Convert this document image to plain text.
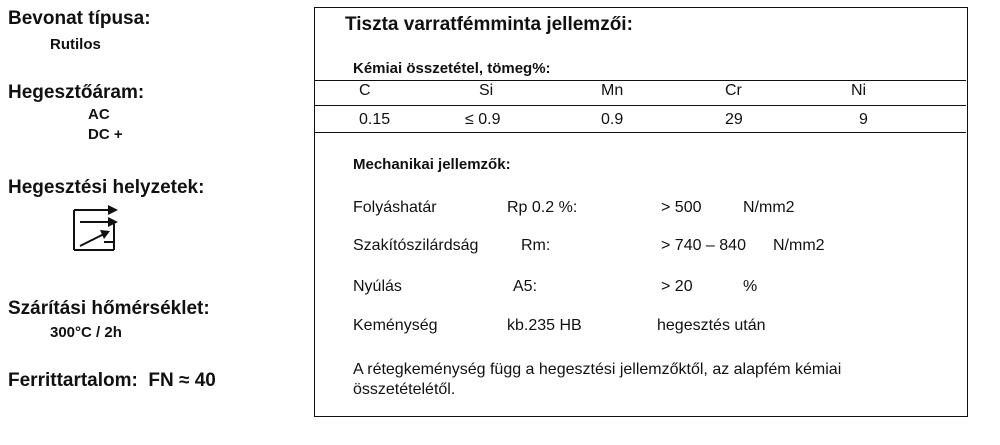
Bevonat típusa:
Rutilos
Hegesztőáram:
AC
DC +
Hegesztési helyzetek:
Szárítási hőmérséklet:
300°C / 2h
Ferrittartalom: FN ≈ 40
Tiszta varratfémminta jellemzői:
Kémiai összetétel, tömeg%:
C	Si	Mn	Cr	Ni
0.15	≤ 0.9	0.9	29	9
Mechanikai jellemzők:
Folyáshatár	Rp 0.2 %:	> 500	N/mm2
Szakítószilárdság	Rm:	> 740 – 840 N/mm2
Nyúlás	A5:	> 20	%
Keménység	kb.235 HB	hegesztés után
A rétegkeménység függ a hegesztési jellemzőktől, az alapfém kémiai összetételétől.
